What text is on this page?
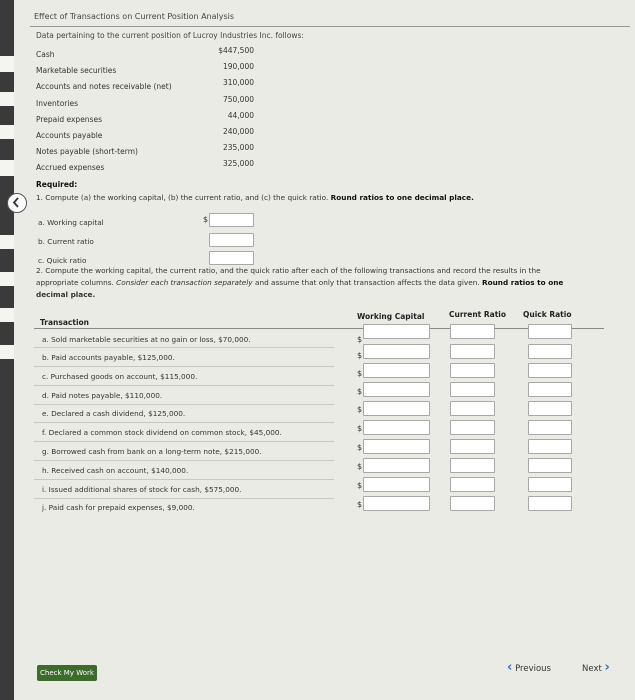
Effect of Transactions on Current Position Analysis
Data pertaining to the current position of Lucroy Industries Inc. follows:
Cash	$447,500
Marketable securities	190,000
Accounts and notes receivable (net)	310,000
Inventories	750,000
Prepaid expenses	44,000
Accounts payable	240,000
Notes payable (short-term)	235,000
Accrued expenses	325,000
Required:
1. Compute (a) the working capital, (b) the current ratio, and (c) the quick ratio. Round ratios to one decimal place.
a. Working capital	$
b. Current ratio
c. Quick ratio
2. Compute the working capital, the current ratio, and the quick ratio after each of the following transactions and record the results in the
appropriate columns. Consider each transaction separately and assume that only that transaction affects the data given. Round ratios to one
decimal place.
Transaction
Working Capital	Current Ratio Quick Ratio
a. Sold marketable securities at no gain or loss, $70,000.	$
b. Paid accounts payable, $125,000.	$
c. Purchased goods on account, $115,000.	$
d. Paid notes payable, $110,000.	$
e. Declared a cash dividend, $125,000.	$
f. Declared a common stock dividend on common stock, $45,000.	$
g. Borrowed cash from bank on a long-term note, $215,000.	$
h. Received cash on account, $140,000.	$
i. Issued additional shares of stock for cash, $575,000.	$
j. Paid cash for prepaid expenses, $9,000.	$
Check My Work	‹ Previous	Next ›
